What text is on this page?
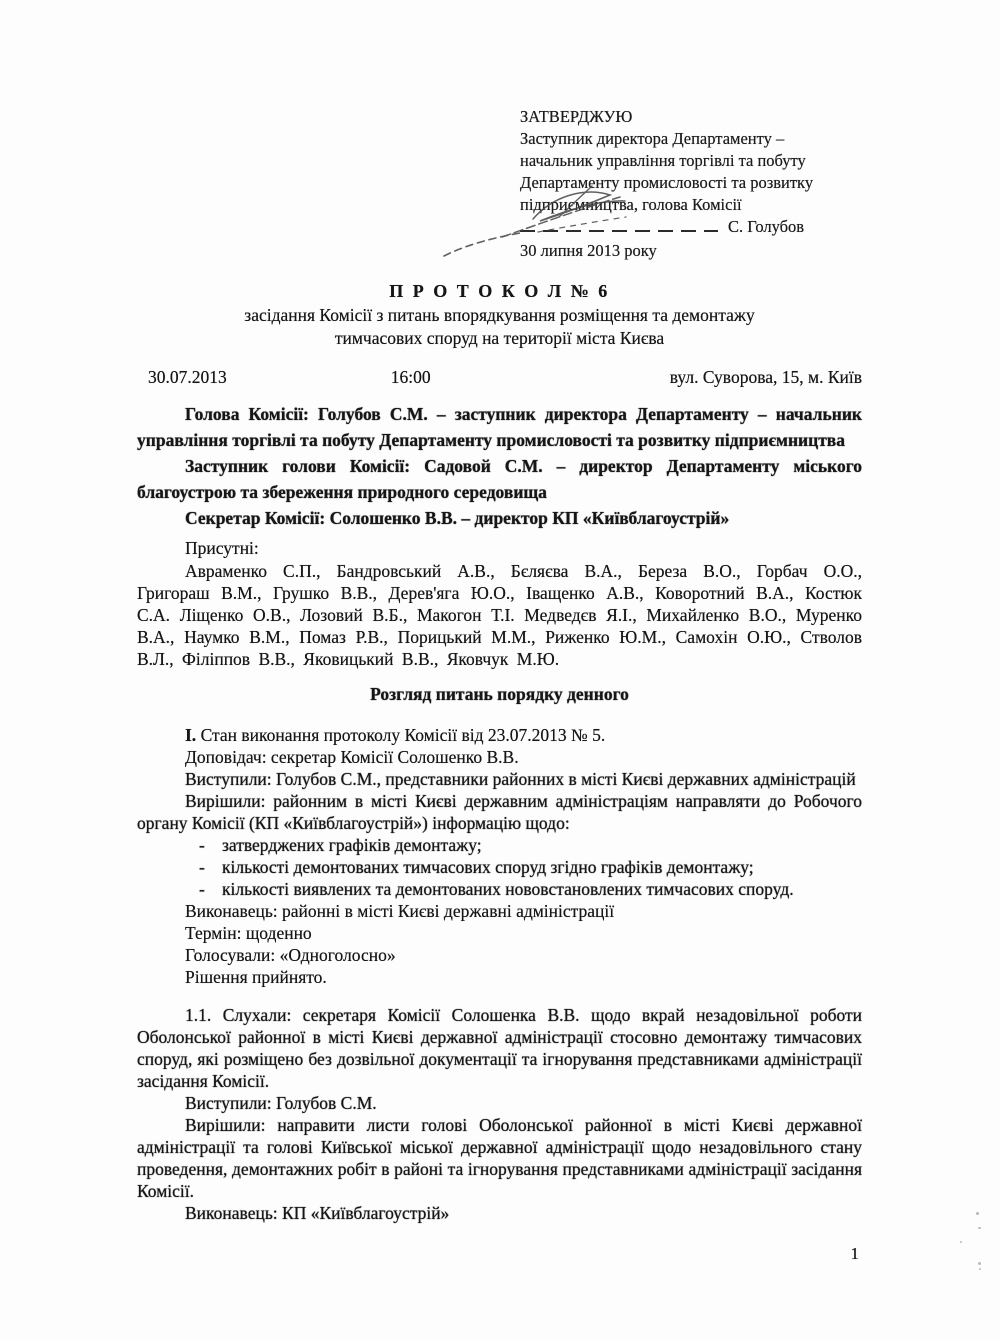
ЗАТВЕРДЖУЮ
Заступник директора Департаменту –
начальник управління торгівлі та побуту
Департаменту промисловості та розвитку
підприємництва, голова Комісії
С. Голубов
30 липня 2013 року
П Р О Т О К О Л № 6
засідання Комісії з питань впорядкування розміщення та демонтажу
тимчасових споруд на території міста Києва
30.07.2013	16:00	вул. Суворова, 15, м. Київ

Голова Комісії: Голубов С.М. – заступник директора Департаменту – начальник управління торгівлі та побуту Департаменту промисловості та розвитку підприємництва

Заступник голови Комісії: Садовой С.М. – директор Департаменту міського благоустрою та збереження природного середовища

Секретар Комісії: Солошенко В.В. – директор КП «Київблагоустрій»

Присутні:

Авраменко С.П., Бандровський А.В., Бєляєва В.А., Береза В.О., Горбач О.О., Григораш В.М., Грушко В.В., Дерев'яга Ю.О., Іващенко А.В., Коворотний В.А., Костюк С.А. Ліщенко О.В., Лозовий В.Б., Макогон Т.І. Медведєв Я.І., Михайленко В.О., Муренко В.А., Наумко В.М., Помаз Р.В., Порицький М.М., Риженко Ю.М., Самохін О.Ю., Стволов В.Л., Філіппов В.В., Яковицький В.В., Яковчук М.Ю.

Розгляд питань порядку денного

І. Стан виконання протоколу Комісії від 23.07.2013 № 5.

Доповідач: секретар Комісії Солошенко В.В.

Виступили: Голубов С.М., представники районних в місті Києві державних адміністрацій

Вирішили: районним в місті Києві державним адміністраціям направляти до Робочого органу Комісії (КП «Київблагоустрій») інформацію щодо:

- затверджених графіків демонтажу;
- кількості демонтованих тимчасових споруд згідно графіків демонтажу;
- кількості виявлених та демонтованих нововстановлених тимчасових споруд.

Виконавець: районні в місті Києві державні адміністрації

Термін: щоденно

Голосували: «Одноголосно»

Рішення прийнято.

1.1. Слухали: секретаря Комісії Солошенка В.В. щодо вкрай незадовільної роботи Оболонської районної в місті Києві державної адміністрації стосовно демонтажу тимчасових споруд, які розміщено без дозвільної документації та ігнорування представниками адміністрації засідання Комісії.

Виступили: Голубов С.М.

Вирішили: направити листи голові Оболонської районної в місті Києві державної адміністрації та голові Київської міської державної адміністрації щодо незадовільного стану проведення, демонтажних робіт в районі та ігнорування представниками адміністрації засідання Комісії.

Виконавець: КП «Київблагоустрій»

1
